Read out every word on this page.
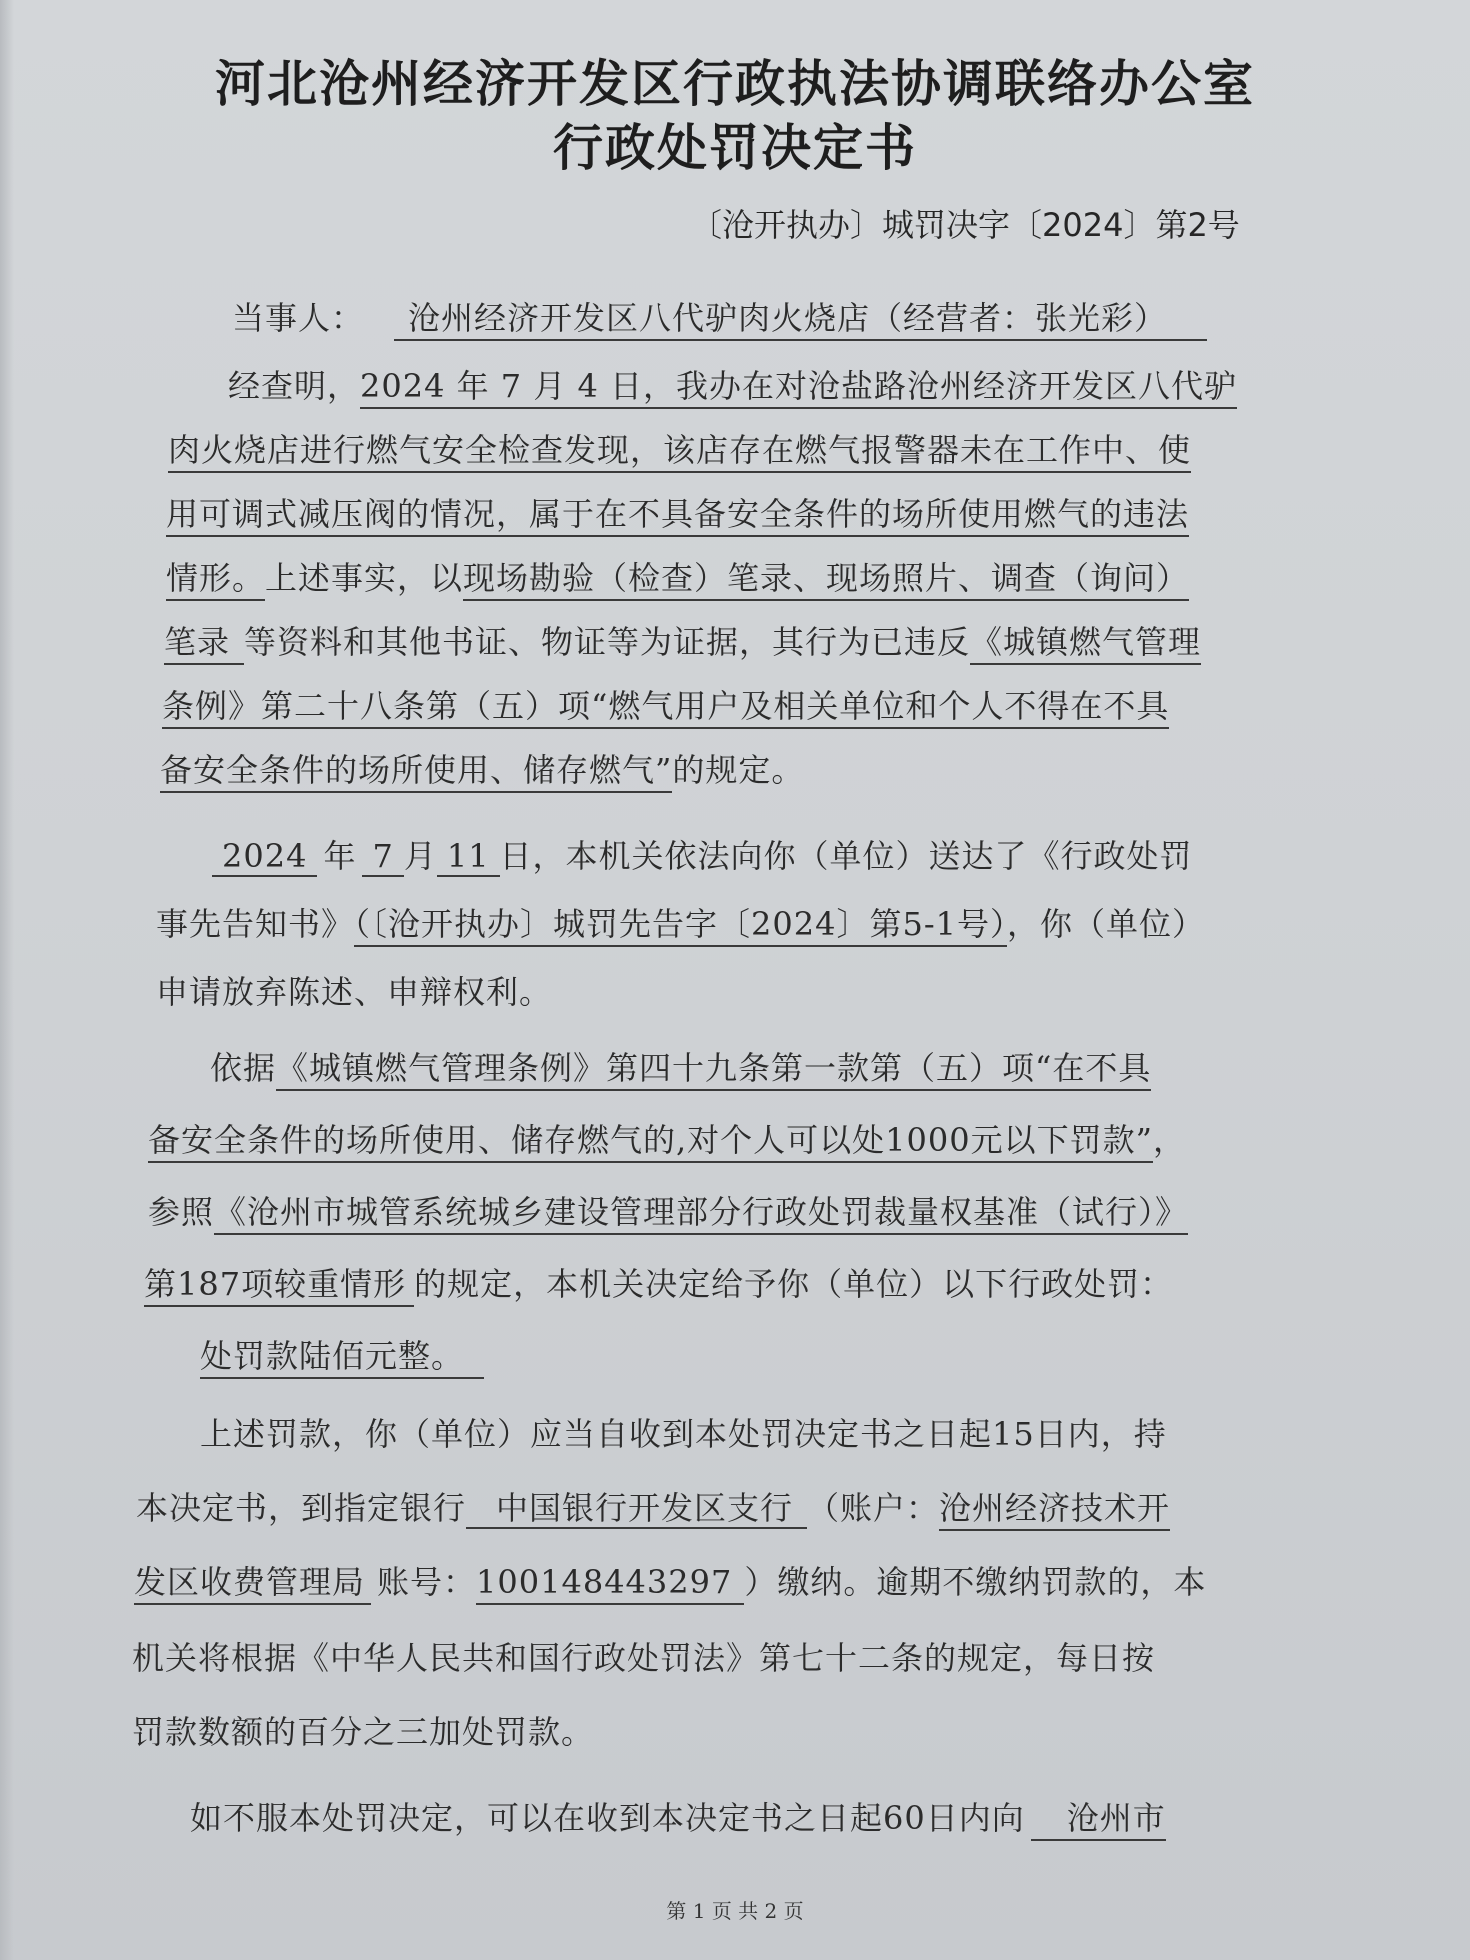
河北沧州经济开发区行政执法协调联络办公室
行政处罚决定书
〔沧开执办〕城罚决字〔2024〕第2号
当事人： 沧州经济开发区八代驴肉火烧店（经营者：张光彩）
经查明，2024 年 7 月 4 日，我办在对沧盐路沧州经济开发区八代驴
肉火烧店进行燃气安全检查发现，该店存在燃气报警器未在工作中、使
用可调式减压阀的情况，属于在不具备安全条件的场所使用燃气的违法
情形。上述事实，以现场勘验（检查）笔录、现场照片、调查（询问）
笔录 等资料和其他书证、物证等为证据，其行为已违反《城镇燃气管理
条例》第二十八条第（五）项“燃气用户及相关单位和个人不得在不具
备安全条件的场所使用、储存燃气”的规定。
2024 年 7 月 11 日，本机关依法向你（单位）送达了《行政处罚
事先告知书》（〔沧开执办〕城罚先告字〔2024〕第5-1号），你（单位）
申请放弃陈述、申辩权利。
依据《城镇燃气管理条例》第四十九条第一款第（五）项“在不具
备安全条件的场所使用、储存燃气的,对个人可以处1000元以下罚款”，
参照《沧州市城管系统城乡建设管理部分行政处罚裁量权基准（试行）》
第187项较重情形 的规定，本机关决定给予你（单位）以下行政处罚：
处罚款陆佰元整。
上述罚款，你（单位）应当自收到本处罚决定书之日起15日内，持
本决定书，到指定银行 中国银行开发区支行 （账户：沧州经济技术开
发区收费管理局 账号：100148443297 ）缴纳。逾期不缴纳罚款的，本
机关将根据《中华人民共和国行政处罚法》第七十二条的规定，每日按
罚款数额的百分之三加处罚款。
如不服本处罚决定，可以在收到本决定书之日起60日内向 沧州市
第 1 页 共 2 页
